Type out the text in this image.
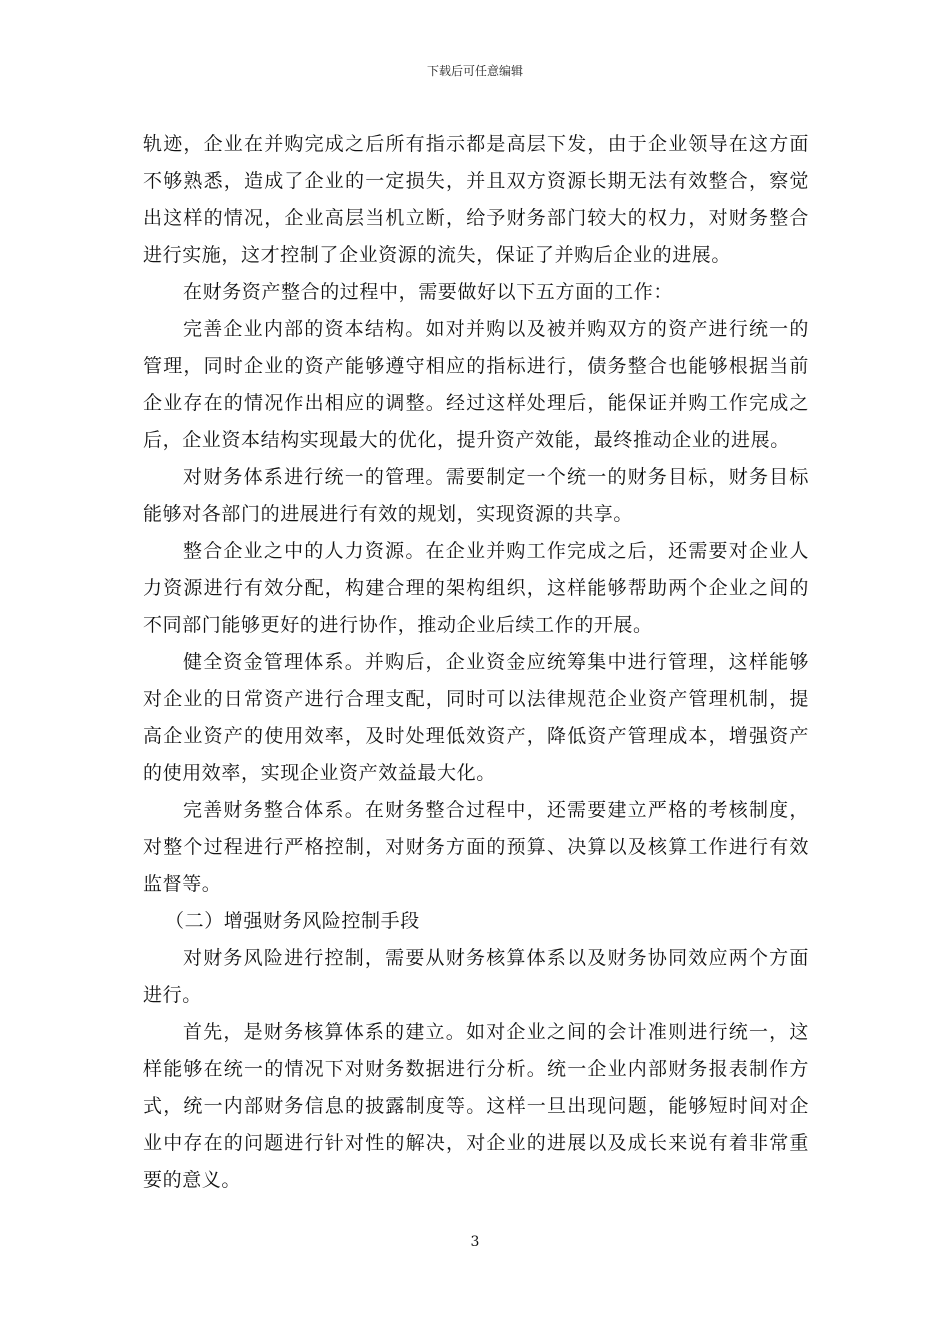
下载后可任意编辑

轨迹，企业在并购完成之后所有指示都是高层下发，由于企业领导在这方面不够熟悉，造成了企业的一定损失，并且双方资源长期无法有效整合，察觉出这样的情况，企业高层当机立断，给予财务部门较大的权力，对财务整合进行实施，这才控制了企业资源的流失，保证了并购后企业的进展。

在财务资产整合的过程中，需要做好以下五方面的工作：

完善企业内部的资本结构。如对并购以及被并购双方的资产进行统一的管理，同时企业的资产能够遵守相应的指标进行，债务整合也能够根据当前企业存在的情况作出相应的调整。经过这样处理后，能保证并购工作完成之后，企业资本结构实现最大的优化，提升资产效能，最终推动企业的进展。

对财务体系进行统一的管理。需要制定一个统一的财务目标，财务目标能够对各部门的进展进行有效的规划，实现资源的共享。

整合企业之中的人力资源。在企业并购工作完成之后，还需要对企业人力资源进行有效分配，构建合理的架构组织，这样能够帮助两个企业之间的不同部门能够更好的进行协作，推动企业后续工作的开展。

健全资金管理体系。并购后，企业资金应统筹集中进行管理，这样能够对企业的日常资产进行合理支配，同时可以法律规范企业资产管理机制，提高企业资产的使用效率，及时处理低效资产，降低资产管理成本，增强资产的使用效率，实现企业资产效益最大化。

完善财务整合体系。在财务整合过程中，还需要建立严格的考核制度，对整个过程进行严格控制，对财务方面的预算、决算以及核算工作进行有效监督等。

（二）增强财务风险控制手段

对财务风险进行控制，需要从财务核算体系以及财务协同效应两个方面进行。

首先，是财务核算体系的建立。如对企业之间的会计准则进行统一，这样能够在统一的情况下对财务数据进行分析。统一企业内部财务报表制作方式，统一内部财务信息的披露制度等。这样一旦出现问题，能够短时间对企业中存在的问题进行针对性的解决，对企业的进展以及成长来说有着非常重要的意义。

3
